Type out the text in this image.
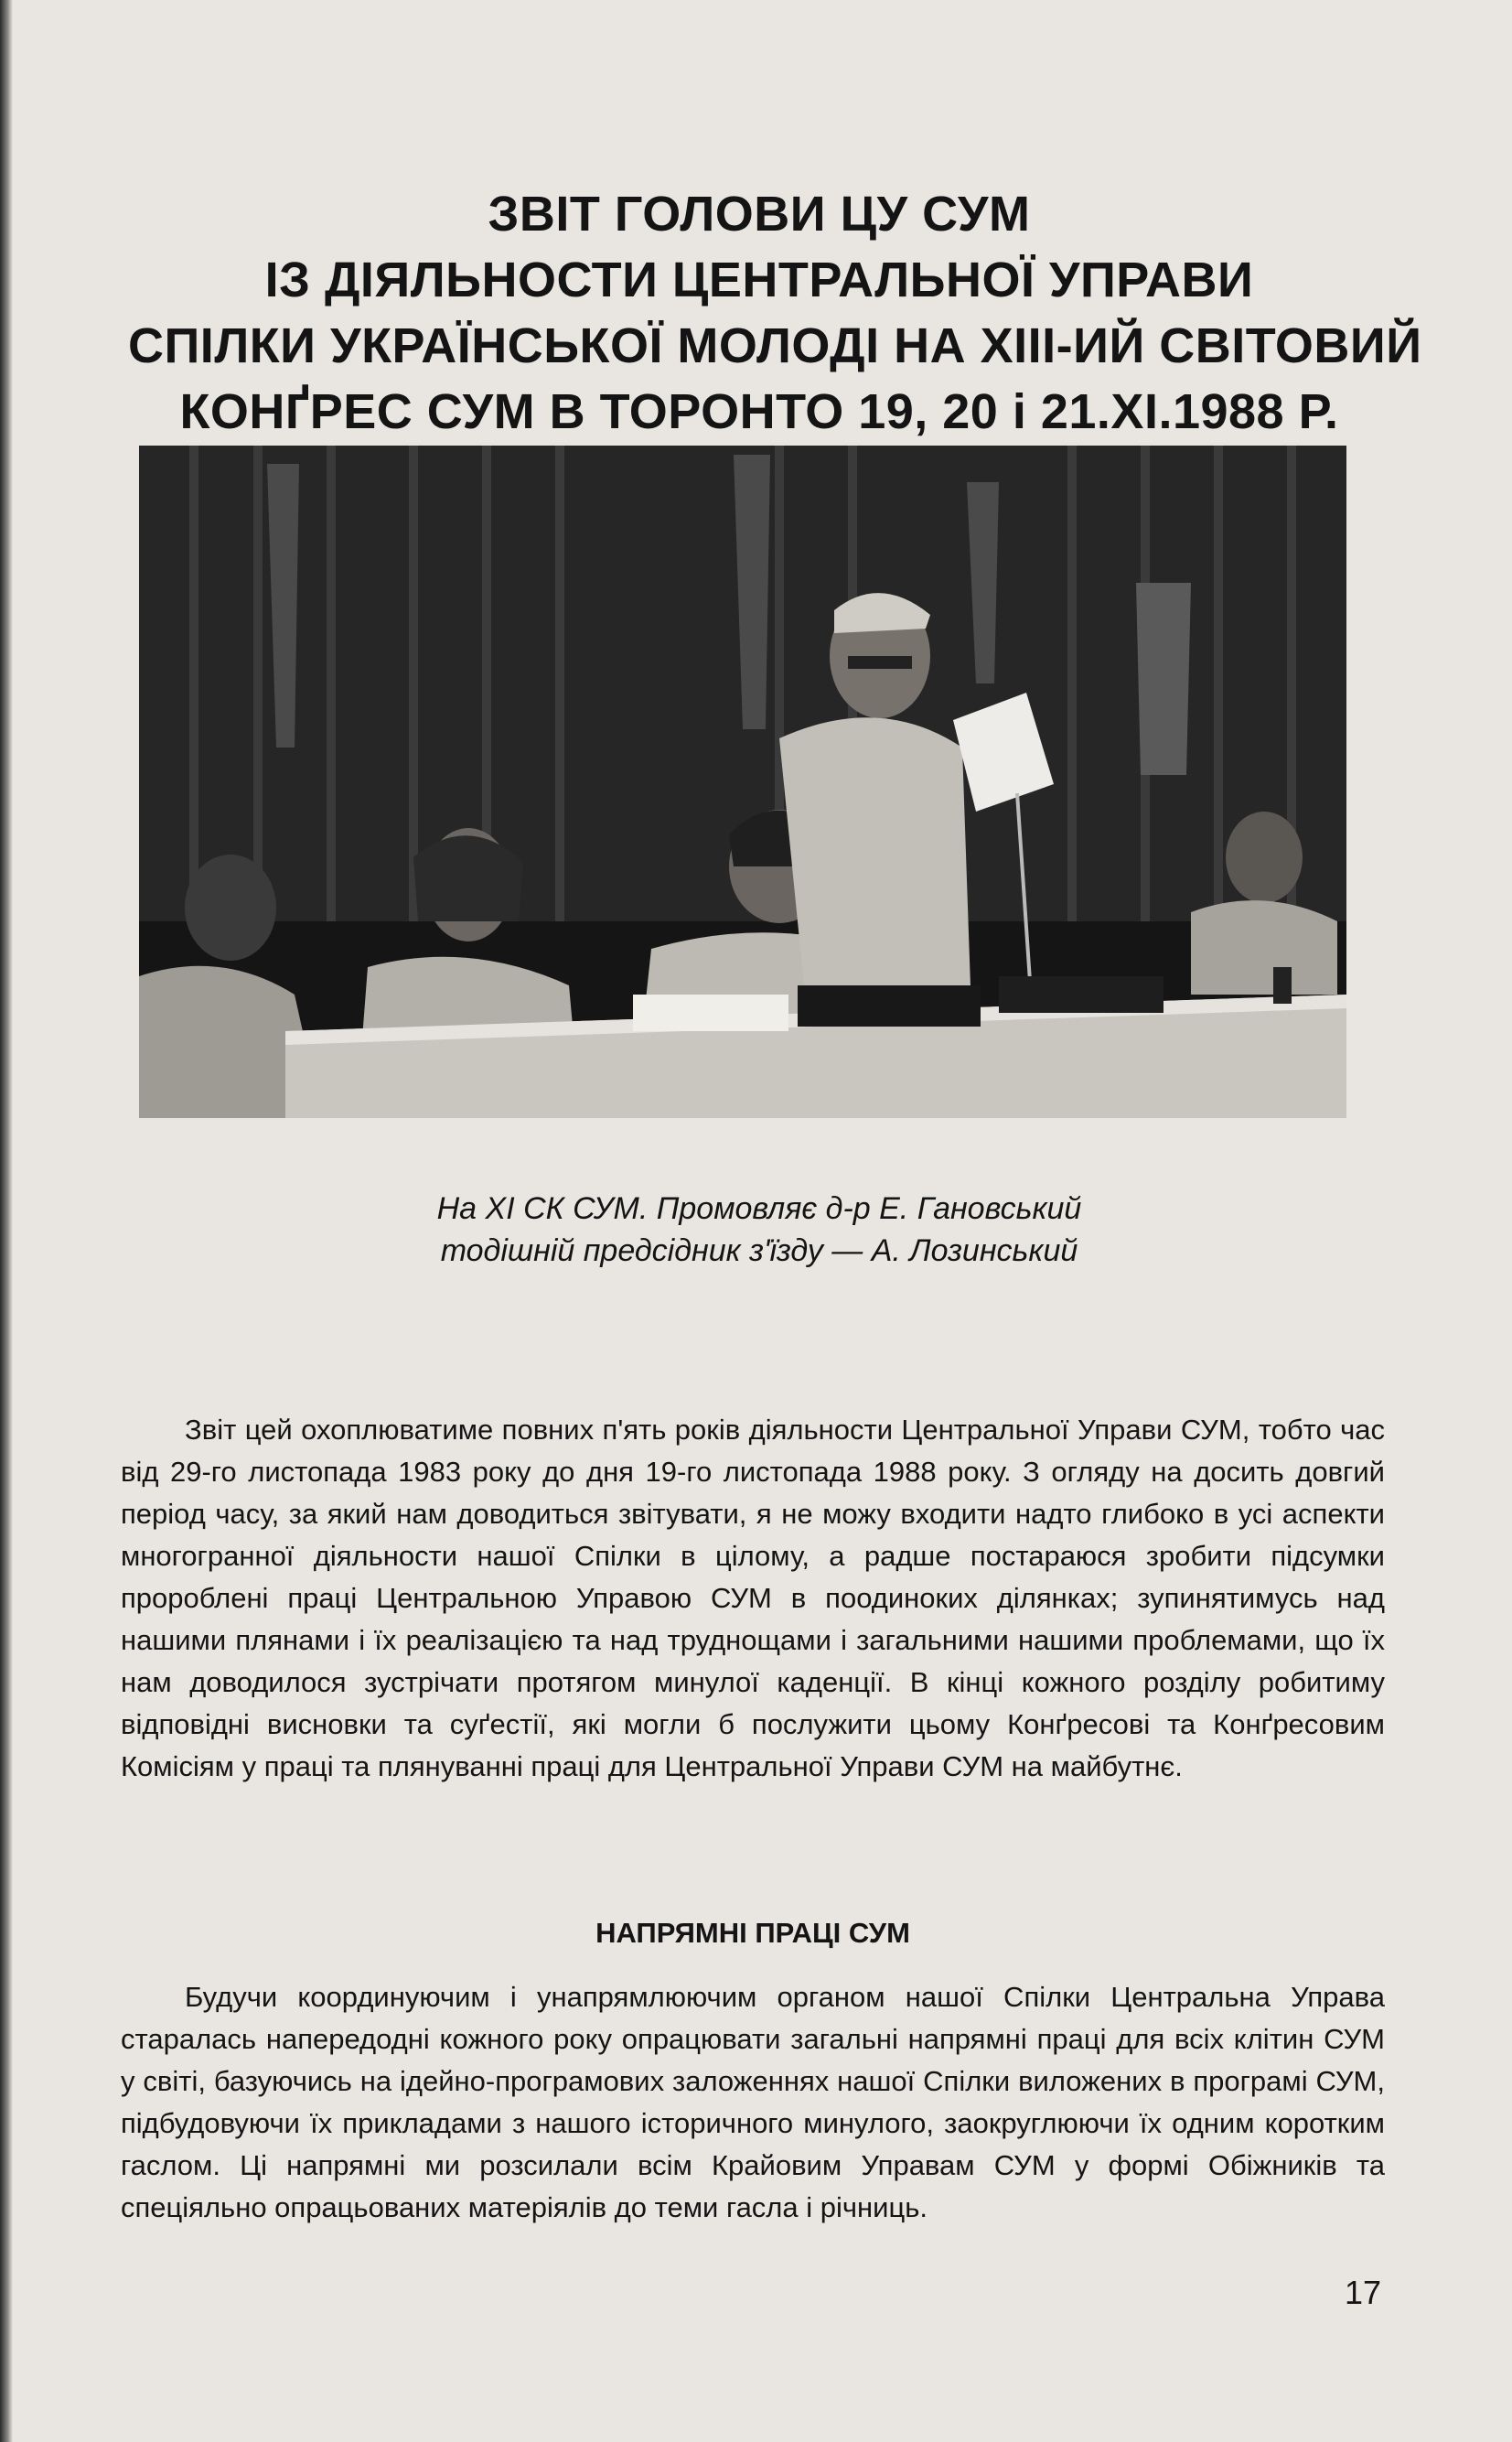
ЗВІТ ГОЛОВИ ЦУ СУМ
ІЗ ДІЯЛЬНОСТИ ЦЕНТРАЛЬНОЇ УПРАВИ
СПІЛКИ УКРАЇНСЬКОЇ МОЛОДІ НА XIII-ИЙ СВІТОВИЙ
КОНҐРЕС СУМ В ТОРОНТО 19, 20 і 21.XI.1988 Р.
На XI СК СУМ. Промовляє д-р Е. Гановський
тодішній предсідник з'їзду — А. Лозинський

Звіт цей охоплюватиме повних п'ять років діяльности Центральної Управи СУМ, тобто час від 29-го листопада 1983 року до дня 19-го листопада 1988 року. З огляду на досить довгий період часу, за який нам доводиться звітувати, я не можу входити надто глибоко в усі аспекти многогранної діяльности нашої Спілки в цілому, а радше постараюся зробити підсумки пророблені праці Центральною Управою СУМ в поодиноких ділянках; зупинятимусь над нашими плянами і їх реалізацією та над труднощами і загальними нашими проблемами, що їх нам доводилося зустрічати протягом минулої каденції. В кінці кожного розділу робитиму відповідні висновки та суґестії, які могли б послужити цьому Конґресові та Конґресовим Комісіям у праці та плянуванні праці для Центральної Управи СУМ на майбутнє.

НАПРЯМНІ ПРАЦІ СУМ

Будучи координуючим і унапрямлюючим органом нашої Спілки Центральна Управа старалась напередодні кожного року опрацювати загальні напрямні праці для всіх клітин СУМ у світі, базуючись на ідейно-програмових заложеннях нашої Спілки виложених в програмі СУМ, підбудовуючи їх прикладами з нашого історичного минулого, заокруглюючи їх одним коротким гаслом. Ці напрямні ми розсилали всім Крайовим Управам СУМ у формі Обіжників та спеціяльно опрацьованих матеріялів до теми гасла і річниць.

17
